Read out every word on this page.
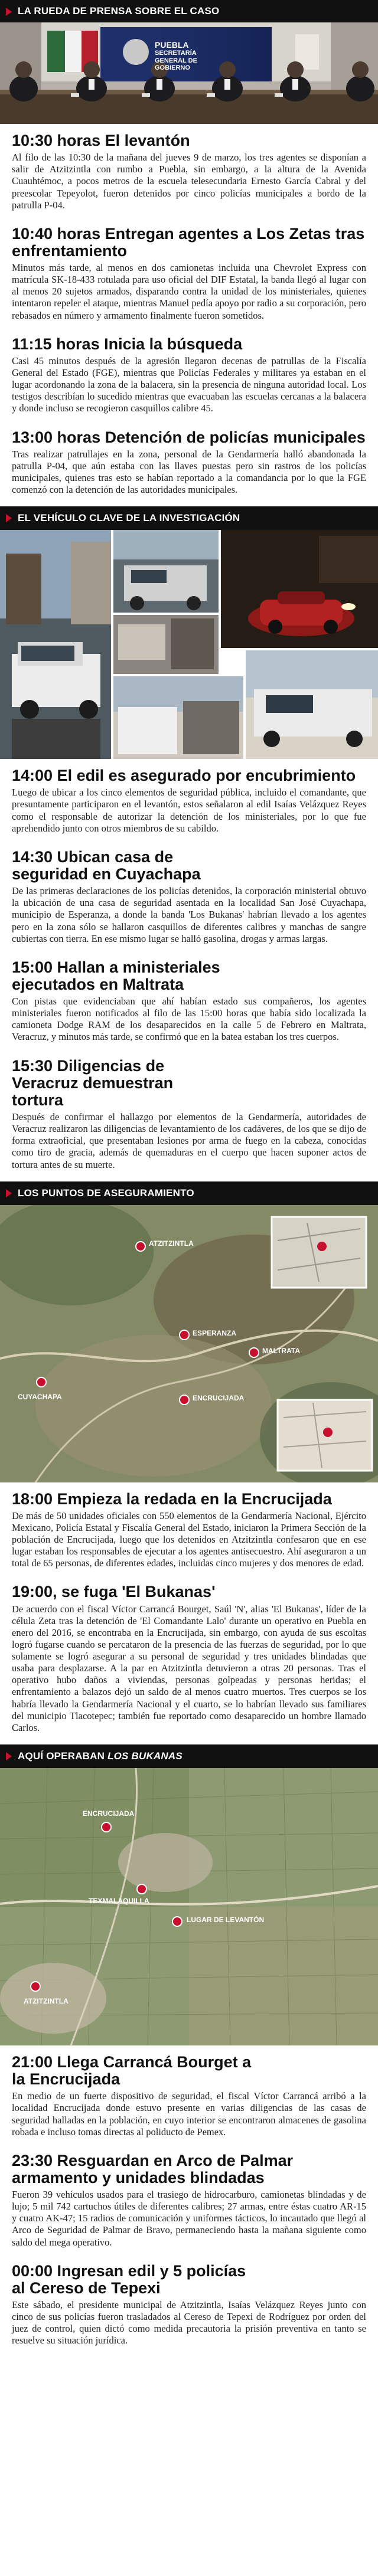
LA RUEDA DE PRENSA SOBRE EL CASO
PUEBLA
SECRETARÍA GENERAL DE GOBIERNO
10:30 horas El levantón

Al filo de las 10:30 de la mañana del jueves 9 de marzo, los tres agentes se disponían a salir de Atzitzintla con rumbo a Puebla, sin embargo, a la altura de la Avenida Cuauhtémoc, a pocos metros de la escuela telesecundaria Ernesto García Cabral y del preescolar Tepeyolot, fueron detenidos por cinco policías municipales a bordo de la patrulla P-04.

10:40 horas Entregan agentes a Los Zetas tras enfrentamiento

Minutos más tarde, al menos en dos camionetas incluida una Chevrolet Express con matrícula SK-18-433 rotulada para uso oficial del DIF Estatal, la banda llegó al lugar con al menos 20 sujetos armados, disparando contra la unidad de los ministeriales, quienes intentaron repeler el ataque, mientras Manuel pedía apoyo por radio a su corporación, pero rebasados en número y armamento finalmente fueron sometidos.

11:15 horas Inicia la búsqueda

Casi 45 minutos después de la agresión llegaron decenas de patrullas de la Fiscalía General del Estado (FGE), mientras que Policías Federales y militares ya estaban en el lugar acordonando la zona de la balacera, sin la presencia de ninguna autoridad local. Los testigos describían lo sucedido mientras que evacuaban las escuelas cercanas a la balacera y donde incluso se recogieron casquillos calibre 45.

13:00 horas Detención de policías municipales

Tras realizar patrullajes en la zona, personal de la Gendarmería halló abandonada la patrulla P-04, que aún estaba con las llaves puestas pero sin rastros de los policías municipales, quienes tras esto se habían reportado a la comandancia por lo que la FGE comenzó con la detención de las autoridades municipales.

EL VEHÍCULO CLAVE DE LA INVESTIGACIÓN
14:00 El edil es asegurado por encubrimiento

Luego de ubicar a los cinco elementos de seguridad pública, incluido el comandante, que presuntamente participaron en el levantón, estos señalaron al edil Isaías Velázquez Reyes como el responsable de autorizar la detención de los ministeriales, por lo que fue aprehendido junto con otros miembros de su cabildo.

14:30 Ubican casa de seguridad en Cuyachapa

De las primeras declaraciones de los policías detenidos, la corporación ministerial obtuvo la ubicación de una casa de seguridad asentada en la localidad San José Cuyachapa, municipio de Esperanza, a donde la banda 'Los Bukanas' habrían llevado a los agentes pero en la zona sólo se hallaron casquillos de diferentes calibres y manchas de sangre cubiertas con tierra. En ese mismo lugar se halló gasolina, drogas y armas largas.

15:00 Hallan a ministeriales ejecutados en Maltrata

Con pistas que evidenciaban que ahí habían estado sus compañeros, los agentes ministeriales fueron notificados al filo de las 15:00 horas que había sido localizada la camioneta Dodge RAM de los desaparecidos en la calle 5 de Febrero en Maltrata, Veracruz, y minutos más tarde, se confirmó que en la batea estaban los tres cuerpos.

15:30 Diligencias de Veracruz demuestran tortura

Después de confirmar el hallazgo por elementos de la Gendarmería, autoridades de Veracruz realizaron las diligencias de levantamiento de los cadáveres, de los que se dijo de forma extraoficial, que presentaban lesiones por arma de fuego en la cabeza, conocidas como tiro de gracia, además de quemaduras en el cuerpo que hacen suponer actos de tortura antes de su muerte.

LOS PUNTOS DE ASEGURAMIENTO
ATZITZINTLA
ESPERANZA
MALTRATA
CUYACHAPA	ENCRUCIJADA
18:00 Empieza la redada en la Encrucijada

De más de 50 unidades oficiales con 550 elementos de la Gendarmería Nacional, Ejército Mexicano, Policía Estatal y Fiscalía General del Estado, iniciaron la Primera Sección de la población de Encrucijada, luego que los detenidos en Atzitzintla confesaron que en ese lugar estaban los responsables de ejecutar a los agentes antisecuestro. Ahí aseguraron a un total de 65 personas, de diferentes edades, incluidas cinco mujeres y dos menores de edad.

19:00, se fuga 'El Bukanas'

De acuerdo con el fiscal Víctor Carrancá Bourget, Saúl 'N', alias 'El Bukanas', líder de la célula Zeta tras la detención de 'El Comandante Lalo' durante un operativo en Puebla en enero del 2016, se encontraba en la Encrucijada, sin embargo, con ayuda de sus escoltas logró fugarse cuando se percataron de la presencia de las fuerzas de seguridad, por lo que solamente se logró asegurar a su personal de seguridad y tres unidades blindadas que usaba para desplazarse. A la par en Atzitzintla detuvieron a otras 20 personas. Tras el operativo hubo daños a viviendas, personas golpeadas y personas heridas; el enfrentamiento a balazos dejó un saldo de al menos cuatro muertos. Tres cuerpos se los habría llevado la Gendarmería Nacional y el cuarto, se lo habrían llevado sus familiares del municipio Tlacotepec; también fue reportado como desaparecido un hombre llamado Carlos.

AQUÍ OPERABAN LOS BUKANAS
ENCRUCIJADA
TEXMALAQUILLA
ATZITZINTLA
LUGAR DE LEVANTÓN
21:00 Llega Carrancá Bourget a la Encrucijada

En medio de un fuerte dispositivo de seguridad, el fiscal Víctor Carrancá arribó a la localidad Encrucijada donde estuvo presente en varias diligencias de las casas de seguridad halladas en la población, en cuyo interior se encontraron almacenes de gasolina robada e incluso tomas directas al poliducto de Pemex.

23:30 Resguardan en Arco de Palmar armamento y unidades blindadas

Fueron 39 vehículos usados para el trasiego de hidrocarburo, camionetas blindadas y de lujo; 5 mil 742 cartuchos útiles de diferentes calibres; 27 armas, entre éstas cuatro AR-15 y cuatro AK-47; 15 radios de comunicación y uniformes tácticos, lo incautado que llegó al Arco de Seguridad de Palmar de Bravo, permaneciendo hasta la mañana siguiente como saldo del mega operativo.

00:00 Ingresan edil y 5 policías al Cereso de Tepexi

Este sábado, el presidente municipal de Atzitzintla, Isaías Velázquez Reyes junto con cinco de sus policías fueron trasladados al Cereso de Tepexi de Rodríguez por orden del juez de control, quien dictó como medida precautoria la prisión preventiva en tanto se resuelve su situación jurídica.
